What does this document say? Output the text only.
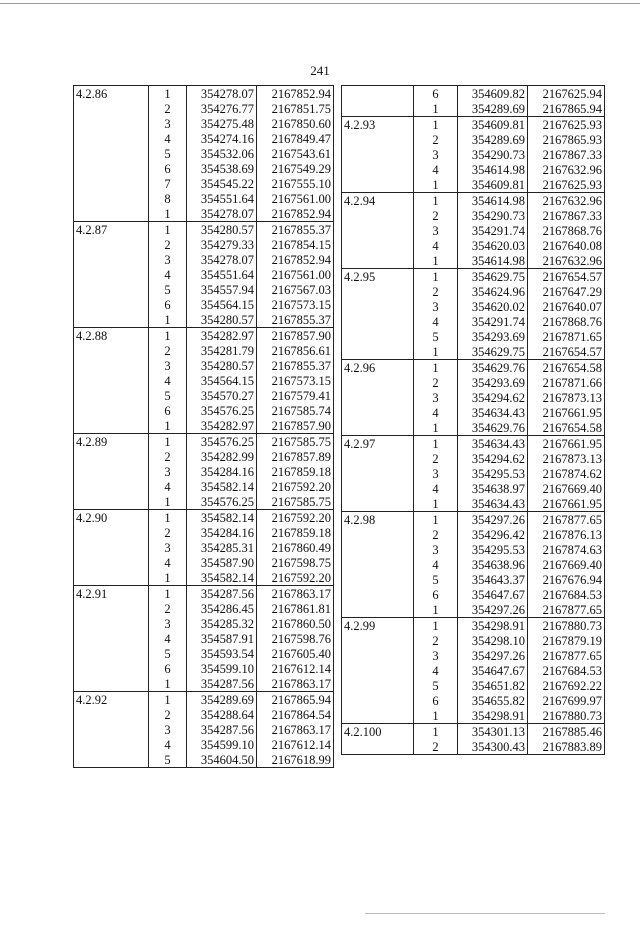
241
4.2.86	1	354278.07	2167852.94
	2	354276.77	2167851.75
	3	354275.48	2167850.60
	4	354274.16	2167849.47
	5	354532.06	2167543.61
	6	354538.69	2167549.29
	7	354545.22	2167555.10
	8	354551.64	2167561.00
	1	354278.07	2167852.94
4.2.87	1	354280.57	2167855.37
	2	354279.33	2167854.15
	3	354278.07	2167852.94
	4	354551.64	2167561.00
	5	354557.94	2167567.03
	6	354564.15	2167573.15
	1	354280.57	2167855.37
4.2.88	1	354282.97	2167857.90
	2	354281.79	2167856.61
	3	354280.57	2167855.37
	4	354564.15	2167573.15
	5	354570.27	2167579.41
	6	354576.25	2167585.74
	1	354282.97	2167857.90
4.2.89	1	354576.25	2167585.75
	2	354282.99	2167857.89
	3	354284.16	2167859.18
	4	354582.14	2167592.20
	1	354576.25	2167585.75
4.2.90	1	354582.14	2167592.20
	2	354284.16	2167859.18
	3	354285.31	2167860.49
	4	354587.90	2167598.75
	1	354582.14	2167592.20
4.2.91	1	354287.56	2167863.17
	2	354286.45	2167861.81
	3	354285.32	2167860.50
	4	354587.91	2167598.76
	5	354593.54	2167605.40
	6	354599.10	2167612.14
	1	354287.56	2167863.17
4.2.92	1	354289.69	2167865.94
	2	354288.64	2167864.54
	3	354287.56	2167863.17
	4	354599.10	2167612.14
	5	354604.50	2167618.99
	6	354609.82	2167625.94
	1	354289.69	2167865.94
4.2.93	1	354609.81	2167625.93
	2	354289.69	2167865.93
	3	354290.73	2167867.33
	4	354614.98	2167632.96
	1	354609.81	2167625.93
4.2.94	1	354614.98	2167632.96
	2	354290.73	2167867.33
	3	354291.74	2167868.76
	4	354620.03	2167640.08
	1	354614.98	2167632.96
4.2.95	1	354629.75	2167654.57
	2	354624.96	2167647.29
	3	354620.02	2167640.07
	4	354291.74	2167868.76
	5	354293.69	2167871.65
	1	354629.75	2167654.57
4.2.96	1	354629.76	2167654.58
	2	354293.69	2167871.66
	3	354294.62	2167873.13
	4	354634.43	2167661.95
	1	354629.76	2167654.58
4.2.97	1	354634.43	2167661.95
	2	354294.62	2167873.13
	3	354295.53	2167874.62
	4	354638.97	2167669.40
	1	354634.43	2167661.95
4.2.98	1	354297.26	2167877.65
	2	354296.42	2167876.13
	3	354295.53	2167874.63
	4	354638.96	2167669.40
	5	354643.37	2167676.94
	6	354647.67	2167684.53
	1	354297.26	2167877.65
4.2.99	1	354298.91	2167880.73
	2	354298.10	2167879.19
	3	354297.26	2167877.65
	4	354647.67	2167684.53
	5	354651.82	2167692.22
	6	354655.82	2167699.97
	1	354298.91	2167880.73
4.2.100	1	354301.13	2167885.46
	2	354300.43	2167883.89
